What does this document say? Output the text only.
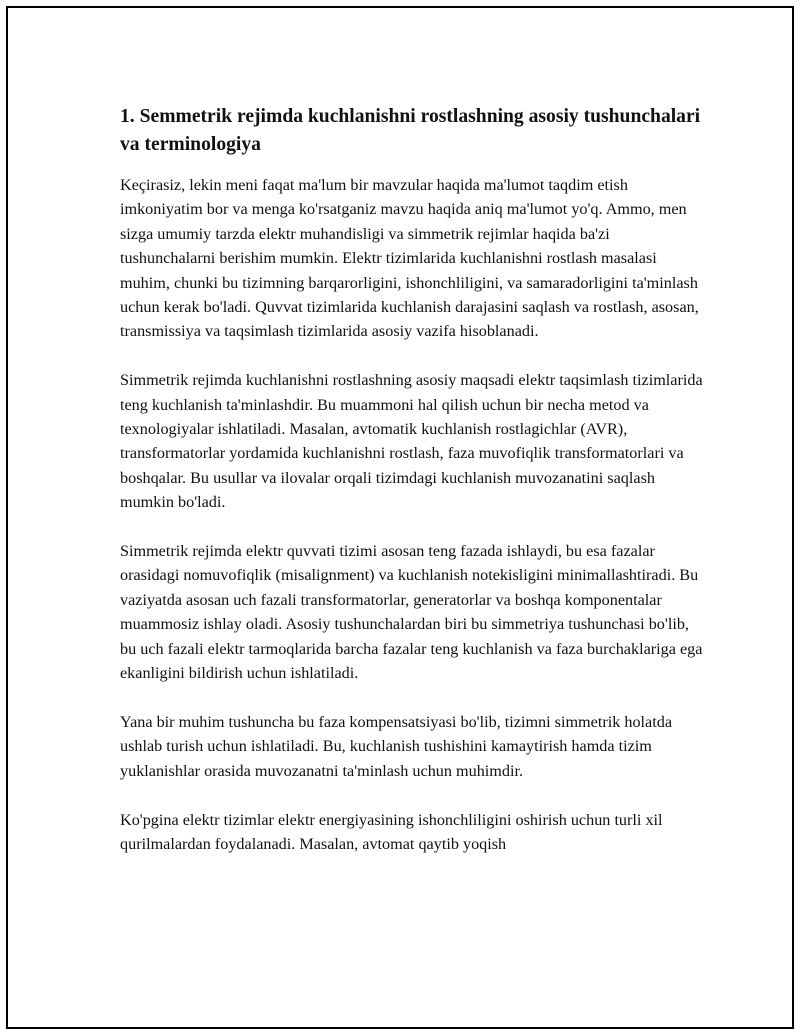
1. Semmetrik rejimda kuchlanishni rostlashning asosiy tushunchalari va terminologiya

Keçirasiz, lekin meni faqat ma'lum bir mavzular haqida ma'lumot taqdim etish imkoniyatim bor va menga ko'rsatganiz mavzu haqida aniq ma'lumot yo'q. Ammo, men sizga umumiy tarzda elektr muhandisligi va simmetrik rejimlar haqida ba'zi tushunchalarni berishim mumkin. Elektr tizimlarida kuchlanishni rostlash masalasi muhim, chunki bu tizimning barqarorligini, ishonchliligini, va samaradorligini ta'minlash uchun kerak bo'ladi. Quvvat tizimlarida kuchlanish darajasini saqlash va rostlash, asosan, transmissiya va taqsimlash tizimlarida asosiy vazifa hisoblanadi.

Simmetrik rejimda kuchlanishni rostlashning asosiy maqsadi elektr taqsimlash tizimlarida teng kuchlanish ta'minlashdir. Bu muammoni hal qilish uchun bir necha metod va texnologiyalar ishlatiladi. Masalan, avtomatik kuchlanish rostlagichlar (AVR), transformatorlar yordamida kuchlanishni rostlash, faza muvofiqlik transformatorlari va boshqalar. Bu usullar va ilovalar orqali tizimdagi kuchlanish muvozanatini saqlash mumkin bo'ladi.

Simmetrik rejimda elektr quvvati tizimi asosan teng fazada ishlaydi, bu esa fazalar orasidagi nomuvofiqlik (misalignment) va kuchlanish notekisligini minimallashtiradi. Bu vaziyatda asosan uch fazali transformatorlar, generatorlar va boshqa komponentalar muammosiz ishlay oladi. Asosiy tushunchalardan biri bu simmetriya tushunchasi bo'lib, bu uch fazali elektr tarmoqlarida barcha fazalar teng kuchlanish va faza burchaklariga ega ekanligini bildirish uchun ishlatiladi.

Yana bir muhim tushuncha bu faza kompensatsiyasi bo'lib, tizimni simmetrik holatda ushlab turish uchun ishlatiladi. Bu, kuchlanish tushishini kamaytirish hamda tizim yuklanishlar orasida muvozanatni ta'minlash uchun muhimdir.

Ko'pgina elektr tizimlar elektr energiyasining ishonchliligini oshirish uchun turli xil qurilmalardan foydalanadi. Masalan, avtomat qaytib yoqish
